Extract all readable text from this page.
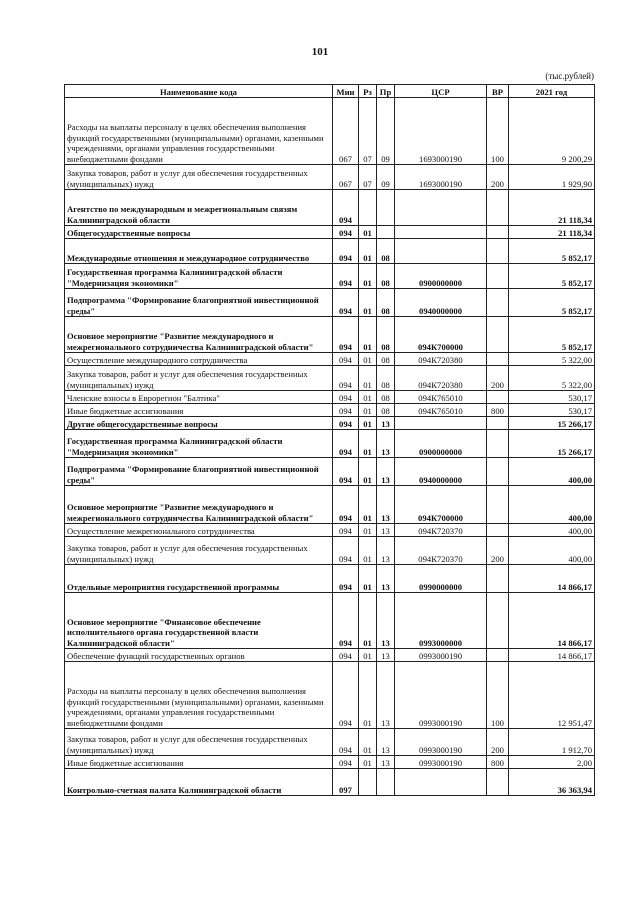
101
(тыс.рублей)
Наименование кода	Мин	Рз	Пр	ЦСР	ВР	2021 год
Расходы на выплаты персоналу в целях обеспечения выполнения функций государственными (муниципальными) органами, казенными учреждениями, органами управления государственными внебюджетными фондами	067	07	09	1693000190	100	9 200,29
Закупка товаров, работ и услуг для обеспечения государственных (муниципальных) нужд	067	07	09	1693000190	200	1 929,90
Агентство по международным и межрегиональным связям Калининградской области	094					21 118,34
Общегосударственные вопросы	094	01				21 118,34
Международные отношения и международное сотрудничество	094	01	08			5 852,17
Государственная программа Калининградской области "Модернизация экономики"	094	01	08	0900000000		5 852,17
Подпрограмма "Формирование благоприятной инвестиционной среды"	094	01	08	0940000000		5 852,17
Основное мероприятие "Развитие международного и межрегионального сотрудничества Калининградской области"	094	01	08	094К700000		5 852,17
Осуществление международного сотрудничества	094	01	08	094К720380		5 322,00
Закупка товаров, работ и услуг для обеспечения государственных (муниципальных) нужд	094	01	08	094К720380	200	5 322,00
Членские взносы в Еврорегион "Балтика"	094	01	08	094К765010		530,17
Иные бюджетные ассигнования	094	01	08	094К765010	800	530,17
Другие общегосударственные вопросы	094	01	13			15 266,17
Государственная программа Калининградской области "Модернизация экономики"	094	01	13	0900000000		15 266,17
Подпрограмма "Формирование благоприятной инвестиционной среды"	094	01	13	0940000000		400,00
Основное мероприятие "Развитие международного и межрегионального сотрудничества Калининградской области"	094	01	13	094К700000		400,00
Осуществление межрегионального сотрудничества	094	01	13	094К720370		400,00
Закупка товаров, работ и услуг для обеспечения государственных (муниципальных) нужд	094	01	13	094К720370	200	400,00
Отдельные мероприятия государственной программы	094	01	13	0990000000		14 866,17
Основное мероприятие "Финансовое обеспечение исполнительного органа государственной власти Калининградской области"	094	01	13	0993000000		14 866,17
Обеспечение функций государственных органов	094	01	13	0993000190		14 866,17
Расходы на выплаты персоналу в целях обеспечения выполнения функций государственными (муниципальными) органами, казенными учреждениями, органами управления государственными внебюджетными фондами	094	01	13	0993000190	100	12 951,47
Закупка товаров, работ и услуг для обеспечения государственных (муниципальных) нужд	094	01	13	0993000190	200	1 912,70
Иные бюджетные ассигнования	094	01	13	0993000190	800	2,00
Контрольно-счетная палата Калининградской области	097					36 363,94
